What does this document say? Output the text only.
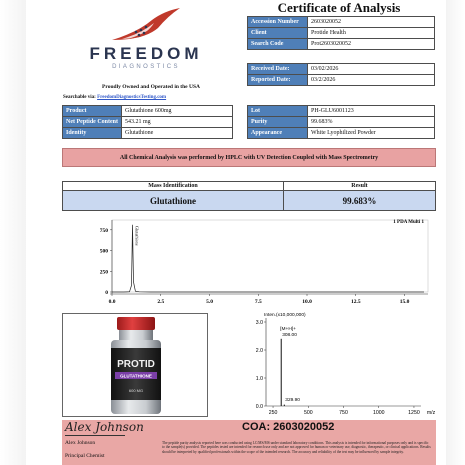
FREEDOM
DIAGNOSTICS
Proudly Owned and Operated in the USA
Searchable via: FreedomDiagnosticsTesting.com
Certificate of Analysis
Accession Number	2603020052
Client	Protide Health
Search Code	Prot2603020052
Received Date:	03/02/2026
Reported Date:	03/2/2026
Product	Glutathione 600mg
Net Peptide Content	543.21 mg
Identity	Glutathione
Lot	PH-GLU6001123
Purity	99.683%
Appearance	White Lyophilized Powder
All Chemical Analysis was performed by HPLC with UV Detection Coupled with Mass Spectrometry
Mass Identification	Result
Glutathione	99.683%
750
500
250
0
0.0	2.5	5.0	7.5	10.0	12.5	15.0
1 PDA Multi 1
Glutathione
PROTID
GLUTATHIONE
600 MG
Inten.(x10,000,000)
3.0
2.0
1.0
0.0
250	500	750	1000	1250 m/z
308.00
[M+H]+
329.90
Alex Johnson
Alex Johnson
Principal Chemist
COA: 2603020052
The peptide purity analysis reported here was conducted using LC/MS/MS under standard laboratory conditions. This analysis is intended for informational purposes only and is specific to the sample(s) provided. The peptides tested are intended for research use only and are not approved for human or veterinary use, diagnostic, therapeutic, or clinical applications. Results should be interpreted by qualified professionals within the scope of the intended research. The accuracy and reliability of the test may be influenced by sample integrity.
